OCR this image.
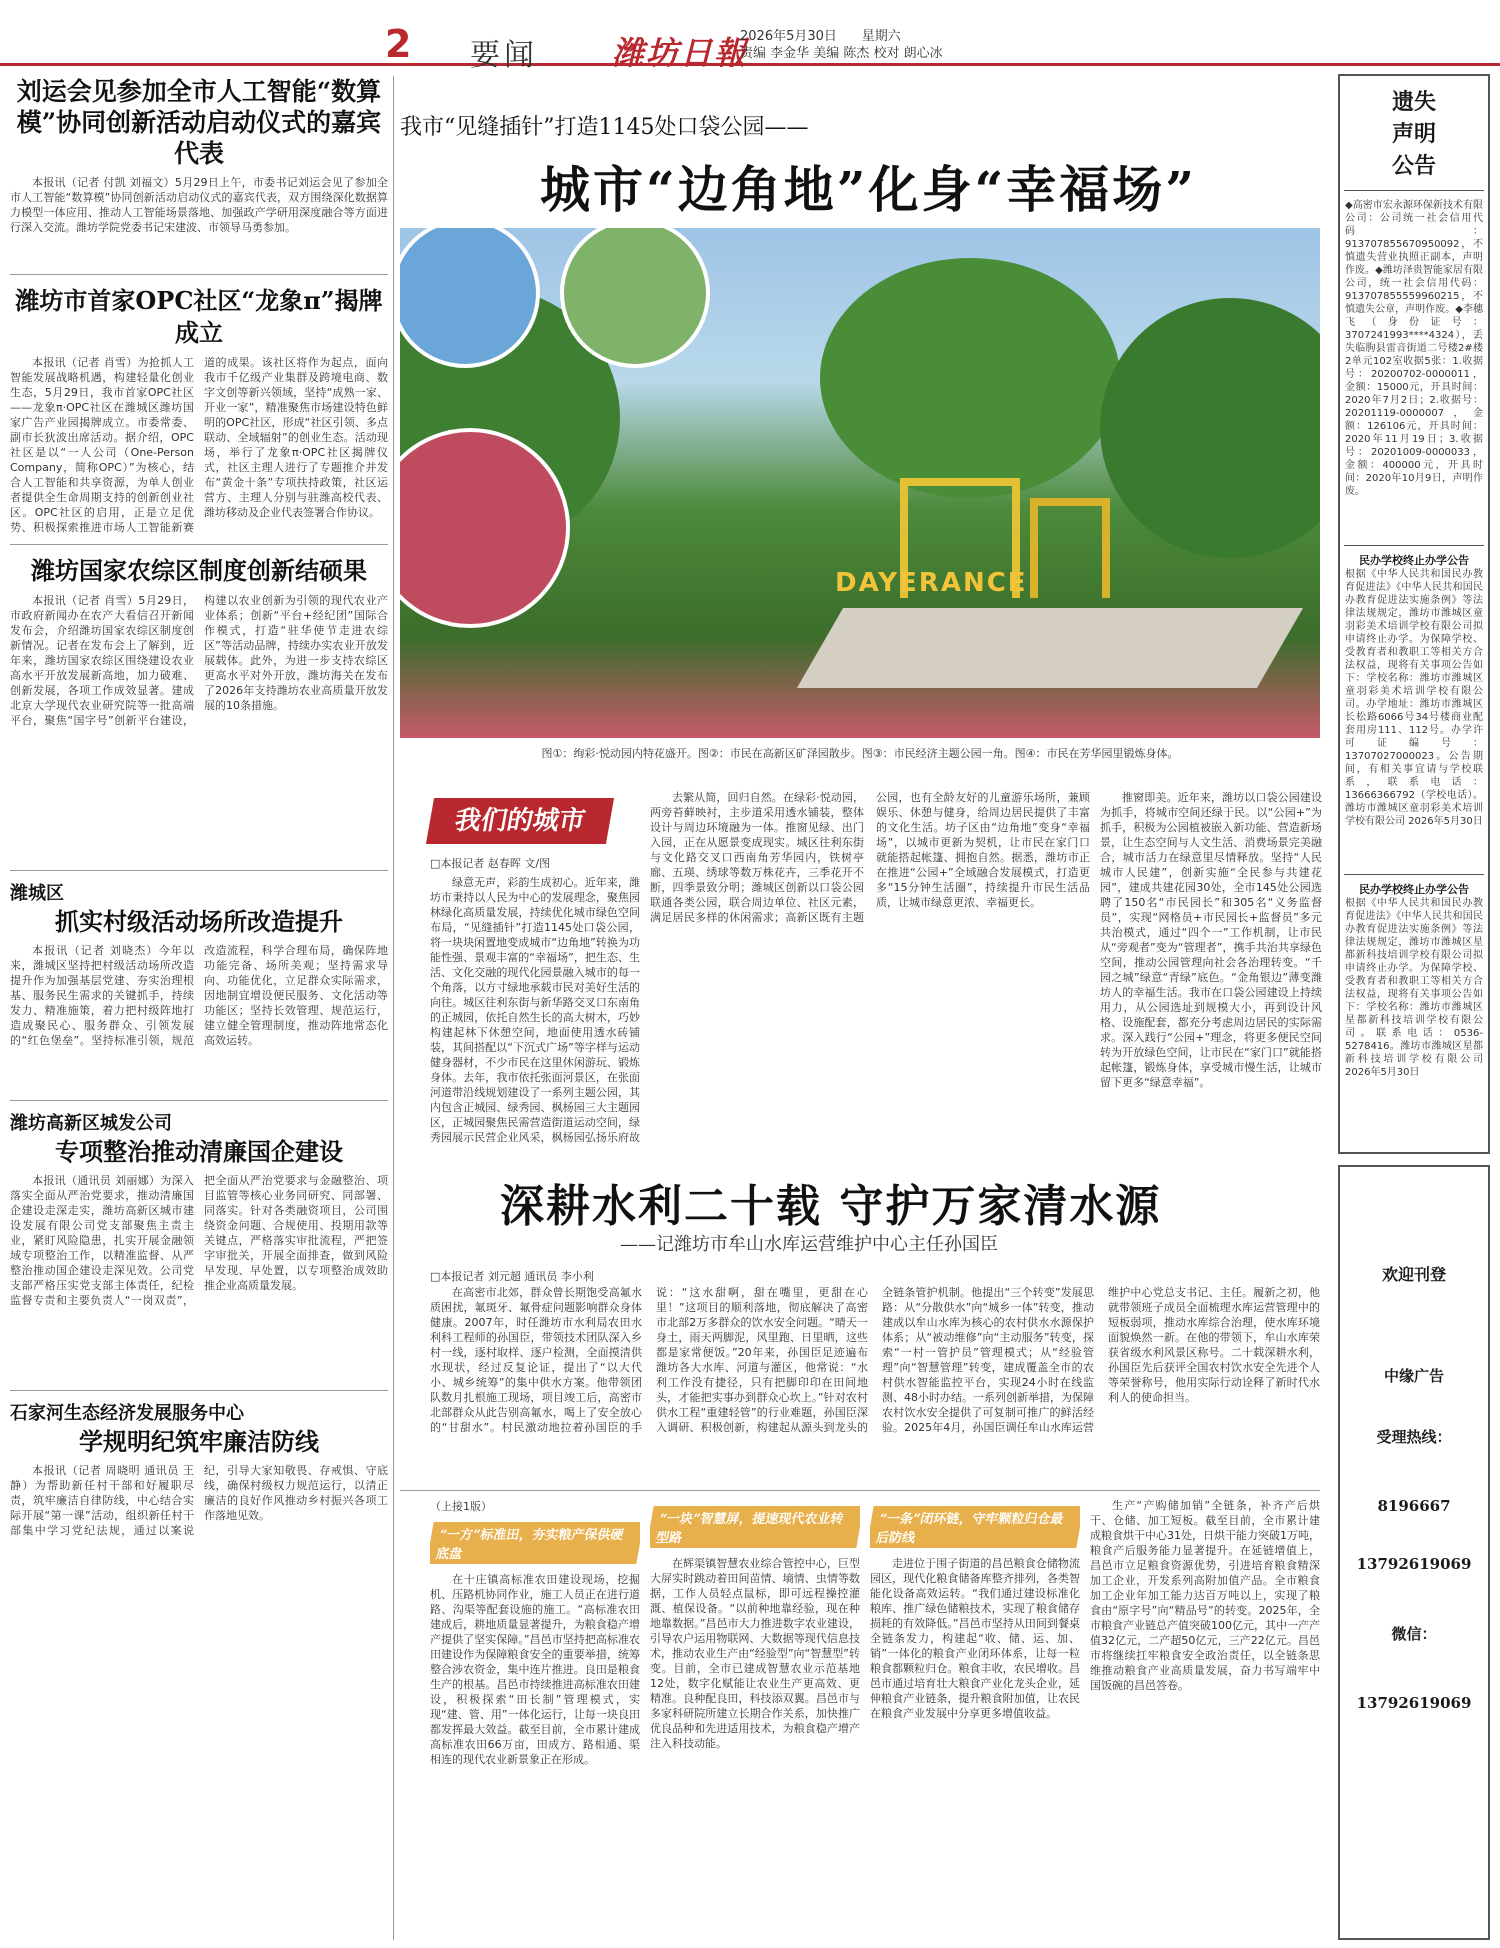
2 要闻 潍坊日報
2026年5月30日 星期六
责编 李金华 美编 陈杰 校对 朗心冰
刘运会见参加全市人工智能“数算模”协同创新活动启动仪式的嘉宾代表

本报讯（记者 付凯 刘福文）5月29日上午，市委书记刘运会见了参加全市人工智能“数算模”协同创新活动启动仪式的嘉宾代表，双方围绕深化数据算力模型一体应用、推动人工智能场景落地、加强政产学研用深度融合等方面进行深入交流。潍坊学院党委书记宋建波、市领导马勇参加。

潍坊市首家OPC社区“龙象π”揭牌成立

本报讯（记者 肖雪）为抢抓人工智能发展战略机遇，构建轻量化创业生态，5月29日，我市首家OPC社区——龙象π·OPC社区在潍城区潍坊国家广告产业园揭牌成立。市委常委、副市长狄波出席活动。据介绍，OPC社区是以“一人公司（One-Person Company，简称OPC）”为核心，结合人工智能和共享资源，为单人创业者提供全生命周期支持的创新创业社区。OPC社区的启用，正是立足优势、积极探索推进市场人工智能新赛道的成果。该社区将作为起点，面向我市千亿级产业集群及跨境电商、数字文创等新兴领域，坚持“成熟一家、开业一家”，精准聚焦市场建设特色鲜明的OPC社区，形成“社区引领、多点联动、全域辐射”的创业生态。活动现场，举行了龙象π·OPC社区揭牌仪式，社区主理人进行了专题推介并发布“黄金十条”专项扶持政策，社区运营方、主理人分别与驻潍高校代表、潍坊移动及企业代表签署合作协议。

潍坊国家农综区制度创新结硕果

本报讯（记者 肖雪）5月29日，市政府新闻办在农产大看信召开新闻发布会，介绍潍坊国家农综区制度创新情况。记者在发布会上了解到，近年来，潍坊国家农综区围绕建设农业高水平开放发展新高地，加力破难、创新发展，各项工作成效显著。建成北京大学现代农业研究院等一批高端平台，聚焦“国字号”创新平台建设，构建以农业创新为引领的现代农业产业体系；创新“平台+经纪团”国际合作模式，打造“驻华使节走进农综区”等活动品牌，持续办实农业开放发展载体。此外，为进一步支持农综区更高水平对外开放，潍坊海关在发布了2026年支持潍坊农业高质量开放发展的10条措施。

潍城区
抓实村级活动场所改造提升

本报讯（记者 刘晓杰）今年以来，潍城区坚持把村级活动场所改造提升作为加强基层党建、夯实治理根基、服务民生需求的关键抓手，持续发力、精准施策，着力把村级阵地打造成聚民心、服务群众、引领发展的“红色堡垒”。坚持标准引领，规范改造流程，科学合理布局，确保阵地功能完备、场所美观；坚持需求导向、功能优化，立足群众实际需求，因地制宜增设便民服务、文化活动等功能区；坚持长效管理、规范运行，建立健全管理制度，推动阵地常态化高效运转。

潍坊高新区城发公司
专项整治推动清廉国企建设

本报讯（通讯员 刘丽娜）为深入落实全面从严治党要求，推动清廉国企建设走深走实，潍坊高新区城市建设发展有限公司党支部聚焦主责主业，紧盯风险隐患，扎实开展金融领域专项整治工作，以精准监督、从严整治推动国企建设走深见效。公司党支部严格压实党支部主体责任，纪检监督专责和主要负责人“一岗双责”，把全面从严治党要求与金融整治、项目监管等核心业务同研究、同部署、同落实。针对各类融资项目，公司围绕资金问题、合规使用、投期用款等关键点，严格落实审批流程，严把签字审批关，开展全面排查，做到风险早发现、早处置，以专项整治成效助推企业高质量发展。

石家河生态经济发展服务中心
学规明纪筑牢廉洁防线

本报讯（记者 周晓明 通讯员 王静）为帮助新任村干部和好履职尽责，筑牢廉洁自律防线，中心结合实际开展“第一课”活动，组织新任村干部集中学习党纪法规，通过以案说纪，引导大家知敬畏、存戒惧、守底线，确保村级权力规范运行，以清正廉洁的良好作风推动乡村振兴各项工作落地见效。

我市“见缝插针”打造1145处口袋公园——
城市“边角地”化身“幸福场”
DAYERANCE
图①：绚彩·悦动园内特花盛开。图②：市民在高新区矿泽园散步。图③：市民经济主题公园一角。图④：市民在芳华园里锻炼身体。
我们的城市
□本报记者 赵春晖 文/图

绿意无声，彩韵生成初心。近年来，潍坊市秉持以人民为中心的发展理念，聚焦园林绿化高质量发展，持续优化城市绿色空间布局，“见缝插针”打造1145处口袋公园，将一块块闲置地变成城市“边角地”转换为功能性强、景观丰富的“幸福场”，把生态、生活、文化交融的现代化园景融入城市的每一个角落，以方寸绿地承载市民对美好生活的向往。城区往利东街与新华路交叉口东南角的正城园，依托自然生长的高大树木，巧妙构建起林下休憩空间，地面使用透水砖铺装，其间搭配以“下沉式广场”等字样与运动健身器材，不少市民在这里休闲游玩、锻炼身体。去年，我市依托张面河景区，在张面河道带沿线规划建设了一系列主题公园，其内包含正城园、绿秀园、枫杨园三大主题园区，正城园聚焦民需营造街道运动空间，绿秀园展示民营企业风采，枫杨园弘扬乐府故

去繁从简，回归自然。在绿彩·悦动园，两旁苔藓映衬，主步道采用透水铺装，整体设计与周边环境融为一体。推窗见绿、出门入园，正在从愿景变成现实。城区往利东街与文化路交叉口西南角芳华园内，铁树亭廊、五瑛、绣球等数万株花卉，三季花开不断，四季景致分明；潍城区创新以口袋公园联通各类公园，联合周边单位、社区元素，满足居民多样的休闲需求；高新区既有主题公园，也有全龄友好的儿童游乐场所，兼顾娱乐、休憩与健身，给周边居民提供了丰富的文化生活。坊子区由“边角地”变身“幸福场”，以城市更新为契机，让市民在家门口就能搭起帐篷、拥抱自然。据悉，潍坊市正在推进“公园+”全域融合发展模式，打造更多“15分钟生活圈”，持续提升市民生活品质，让城市绿意更浓、幸福更长。

推窗即美。近年来，潍坊以口袋公园建设为抓手，将城市空间还绿于民。以“公园+”为抓手，积极为公园植被嵌入新功能、营造新场景，让生态空间与人文生活、消费场景完美融合，城市活力在绿意里尽情释放。坚持“人民城市人民建”，创新实施“全民参与共建花园”，建成共建花园30处，全市145处公园选聘了150名“市民园长”和305名“义务监督员”，实现“网格员+市民园长+监督员”多元共治模式，通过“四个一”工作机制，让市民从“旁观者”变为“管理者”，携手共治共享绿色空间，推动公园管理向社会各治理转变。“千园之城”绿意“青绿”底色。“金角银边”薄变潍坊人的幸福生活。我市在口袋公园建设上持续用力，从公园选址到规模大小，再到设计风格、设施配套，都充分考虑周边居民的实际需求。深入践行“公园+”理念，将更多便民空间转为开放绿色空间，让市民在“家门口”就能搭起帐篷，锻炼身体，享受城市慢生活，让城市留下更多“绿意幸福”。

深耕水利二十载 守护万家清水源
——记潍坊市牟山水库运营维护中心主任孙国臣
□本报记者 刘元超 通讯员 李小利

在高密市北郊，群众曾长期饱受高氟水质困扰，氟斑牙、氟骨症问题影响群众身体健康。2007年，时任潍坊市水利局农田水利科工程师的孙国臣，带领技术团队深入乡村一线，逐村取样、逐户检测，全面摸清供水现状，经过反复论证，提出了“以大代小、城乡统筹”的集中供水方案。他带领团队数月扎根施工现场，项目竣工后，高密市北部群众从此告别高氟水，喝上了安全放心的“甘甜水”。村民激动地拉着孙国臣的手说：“这水甜啊，甜在嘴里，更甜在心里！”这项目的顺利落地，彻底解决了高密市北部2万多群众的饮水安全问题。“晴天一身土，雨天两脚泥，风里跑、日里晒，这些都是家常便饭。”20年来，孙国臣足迹遍布潍坊各大水库、河道与灌区，他常说：“水利工作没有捷径，只有把脚印印在田间地头，才能把实事办到群众心坎上。”针对农村供水工程“重建轻管”的行业难题，孙国臣深入调研、积极创新，构建起从源头到龙头的全链条管护机制。他提出“三个转变”发展思路：从“分散供水”向“城乡一体”转变，推动建成以牟山水库为核心的农村供水水源保护体系；从“被动维修”向“主动服务”转变，探索“一村一管护员”管理模式；从“经验管理”向“智慧管理”转变，建成覆盖全市的农村供水智能监控平台，实现24小时在线监测、48小时办结。一系列创新举措，为保障农村饮水安全提供了可复制可推广的鲜活经验。2025年4月，孙国臣调任牟山水库运营维护中心党总支书记、主任。履新之初，他就带领班子成员全面梳理水库运营管理中的短板弱项，推动水库综合治理，使水库环境面貌焕然一新。在他的带领下，牟山水库荣获省级水利风景区称号。二十载深耕水利，孙国臣先后获评全国农村饮水安全先进个人等荣誉称号，他用实际行动诠释了新时代水利人的使命担当。

（上接1版）
“一方”标准田，夯实粮产保供硬底盘

在十庄镇高标准农田建设现场，挖掘机、压路机协同作业，施工人员正在进行道路、沟渠等配套设施的施工。“高标准农田建成后，耕地质量显著提升，为粮食稳产增产提供了坚实保障。”昌邑市坚持把高标准农田建设作为保障粮食安全的重要举措，统筹整合涉农资金，集中连片推进。良田是粮食生产的根基。昌邑市持续推进高标准农田建设，积极探索“田长制”管理模式，实现“建、管、用”一体化运行，让每一块良田都发挥最大效益。截至目前，全市累计建成高标准农田66万亩，田成方、路相通、渠相连的现代农业新景象正在形成。

“一块”智慧屏，提速现代农业转型路

在辉渠镇智慧农业综合管控中心，巨型大屏实时跳动着田间苗情、墒情、虫情等数据，工作人员轻点鼠标，即可远程操控灌溉、植保设备。“以前种地靠经验，现在种地靠数据。”昌邑市大力推进数字农业建设，引导农户运用物联网、大数据等现代信息技术，推动农业生产由“经验型”向“智慧型”转变。目前，全市已建成智慧农业示范基地12处，数字化赋能让农业生产更高效、更精准。良种配良田，科技添双翼。昌邑市与多家科研院所建立长期合作关系，加快推广优良品种和先进适用技术，为粮食稳产增产注入科技动能。

“一条”闭环链，守牢颗粒归仓最后防线

走进位于围子街道的昌邑粮食仓储物流园区，现代化粮食储备库整齐排列，各类智能化设备高效运转。“我们通过建设标准化粮库、推广绿色储粮技术，实现了粮食储存损耗的有效降低。”昌邑市坚持从田间到餐桌全链条发力，构建起“收、储、运、加、销”一体化的粮食产业闭环体系，让每一粒粮食都颗粒归仓。粮食丰收，农民增收。昌邑市通过培育壮大粮食产业化龙头企业，延伸粮食产业链条，提升粮食附加值，让农民在粮食产业发展中分享更多增值收益。

生产“产购储加销”全链条，补齐产后烘干、仓储、加工短板。截至目前，全市累计建成粮食烘干中心31处，日烘干能力突破1万吨，粮食产后服务能力显著提升。在延链增值上，昌邑市立足粮食资源优势，引进培育粮食精深加工企业，开发系列高附加值产品。全市粮食加工企业年加工能力达百万吨以上，实现了粮食由“原字号”向“精品号”的转变。2025年，全市粮食产业链总产值突破100亿元，其中一产产值32亿元，二产超50亿元，三产22亿元。昌邑市将继续扛牢粮食安全政治责任，以全链条思维推动粮食产业高质量发展，奋力书写端牢中国饭碗的昌邑答卷。

遗失
声明
公告
◆高密市宏永源环保新技术有限公司：公司统一社会信用代码：913707855670950092，不慎遗失营业执照正副本，声明作废。◆潍坊泽贵智能家居有限公司，统一社会信用代码：913707855559960215，不慎遗失公章，声明作废。◆李穗飞（身份证号：3707241993****4324），丢失临朐县雷音街道二号楼2#楼2单元102室收据5张：1.收据号：20200702-0000011，金额：15000元，开具时间：2020年7月2日；2.收据号：20201119-0000007，金额：126106元，开具时间：2020年11月19日；3.收据号：20201009-0000033，金额：400000元，开具时间：2020年10月9日，声明作废。
民办学校终止办学公告
根据《中华人民共和国民办教育促进法》《中华人民共和国民办教育促进法实施条例》等法律法规规定，潍坊市潍城区童羽彩美术培训学校有限公司拟申请终止办学。为保障学校、受教育者和教职工等相关方合法权益，现将有关事项公告如下：学校名称：潍坊市潍城区童羽彩美术培训学校有限公司。办学地址：潍坊市潍城区长松路6066号34号楼商业配套用房111、112号。办学许可证编号：13707027000023。公告期间，有相关事宜请与学校联系，联系电话：13666366792（学校电话）。潍坊市潍城区童羽彩美术培训学校有限公司 2026年5月30日
民办学校终止办学公告
根据《中华人民共和国民办教育促进法》《中华人民共和国民办教育促进法实施条例》等法律法规规定，潍坊市潍城区星都新科技培训学校有限公司拟申请终止办学。为保障学校、受教育者和教职工等相关方合法权益，现将有关事项公告如下：学校名称：潍坊市潍城区星都新科技培训学校有限公司。联系电话：0536-5278416。潍坊市潍城区星都新科技培训学校有限公司 2026年5月30日
欢迎刊登
中缘广告
受理热线：
8196667
13792619069
微信：
13792619069
